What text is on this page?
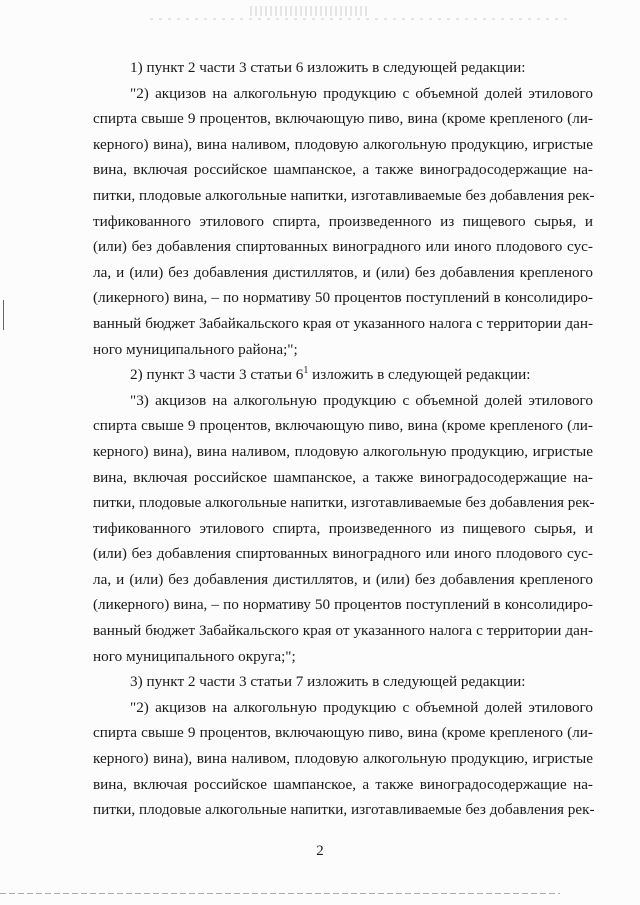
1) пункт 2 части 3 статьи 6 изложить в следующей редакции:
"2) акцизов на алкогольную продукцию с объемной долей этилового
спирта свыше 9 процентов, включающую пиво, вина (кроме крепленого (ли-
керного) вина), вина наливом, плодовую алкогольную продукцию, игристые
вина, включая российское шампанское, а также виноградосодержащие на-
питки, плодовые алкогольные напитки, изготавливаемые без добавления рек-
тификованного этилового спирта, произведенного из пищевого сырья, и
(или) без добавления спиртованных виноградного или иного плодового сус-
ла, и (или) без добавления дистиллятов, и (или) без добавления крепленого
(ликерного) вина, – по нормативу 50 процентов поступлений в консолидиро-
ванный бюджет Забайкальского края от указанного налога с территории дан-
ного муниципального района;";
2) пункт 3 части 3 статьи $6^1$ изложить в следующей редакции:
"3) акцизов на алкогольную продукцию с объемной долей этилового
спирта свыше 9 процентов, включающую пиво, вина (кроме крепленого (ли-
керного) вина), вина наливом, плодовую алкогольную продукцию, игристые
вина, включая российское шампанское, а также виноградосодержащие на-
питки, плодовые алкогольные напитки, изготавливаемые без добавления рек-
тификованного этилового спирта, произведенного из пищевого сырья, и
(или) без добавления спиртованных виноградного или иного плодового сус-
ла, и (или) без добавления дистиллятов, и (или) без добавления крепленого
(ликерного) вина, – по нормативу 50 процентов поступлений в консолидиро-
ванный бюджет Забайкальского края от указанного налога с территории дан-
ного муниципального округа;";
3) пункт 2 части 3 статьи 7 изложить в следующей редакции:
"2) акцизов на алкогольную продукцию с объемной долей этилового
спирта свыше 9 процентов, включающую пиво, вина (кроме крепленого (ли-
керного) вина), вина наливом, плодовую алкогольную продукцию, игристые
вина, включая российское шампанское, а также виноградосодержащие на-
питки, плодовые алкогольные напитки, изготавливаемые без добавления рек-
2
